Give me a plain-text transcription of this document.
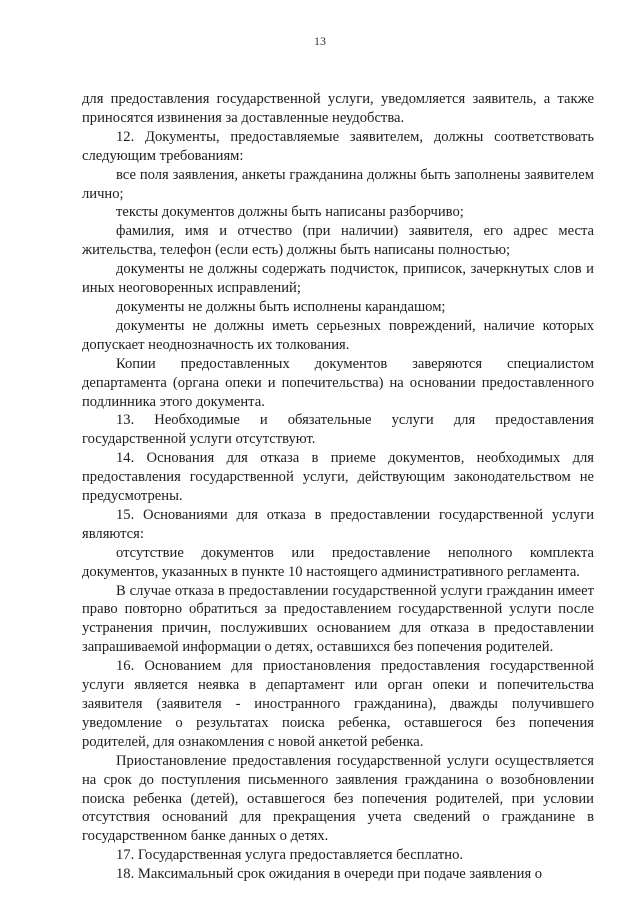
13

для предоставления государственной услуги, уведомляется заявитель, а также приносятся извинения за доставленные неудобства.

12. Документы, предоставляемые заявителем, должны соответствовать следующим требованиям:

все поля заявления, анкеты гражданина должны быть заполнены заявителем лично;

тексты документов должны быть написаны разборчиво;

фамилия, имя и отчество (при наличии) заявителя, его адрес места жительства, телефон (если есть) должны быть написаны полностью;

документы не должны содержать подчисток, приписок, зачеркнутых слов и иных неоговоренных исправлений;

документы не должны быть исполнены карандашом;

документы не должны иметь серьезных повреждений, наличие которых допускает неоднозначность их толкования.

Копии предоставленных документов заверяются специалистом департамента (органа опеки и попечительства) на основании предоставленного подлинника этого документа.

13. Необходимые и обязательные услуги для предоставления государственной услуги отсутствуют.

14. Основания для отказа в приеме документов, необходимых для предоставления государственной услуги, действующим законодательством не предусмотрены.

15. Основаниями для отказа в предоставлении государственной услуги являются:

отсутствие документов или предоставление неполного комплекта документов, указанных в пункте 10 настоящего административного регламента.

В случае отказа в предоставлении государственной услуги гражданин имеет право повторно обратиться за предоставлением государственной услуги после устранения причин, послуживших основанием для отказа в предоставлении запрашиваемой информации о детях, оставшихся без попечения родителей.

16. Основанием для приостановления предоставления государственной услуги является неявка в департамент или орган опеки и попечительства заявителя (заявителя - иностранного гражданина), дважды получившего уведомление о результатах поиска ребенка, оставшегося без попечения родителей, для ознакомления с новой анкетой ребенка.

Приостановление предоставления государственной услуги осуществляется на срок до поступления письменного заявления гражданина о возобновлении поиска ребенка (детей), оставшегося без попечения родителей, при условии отсутствия оснований для прекращения учета сведений о гражданине в государственном банке данных о детях.

17. Государственная услуга предоставляется бесплатно.

18. Максимальный срок ожидания в очереди при подаче заявления о
